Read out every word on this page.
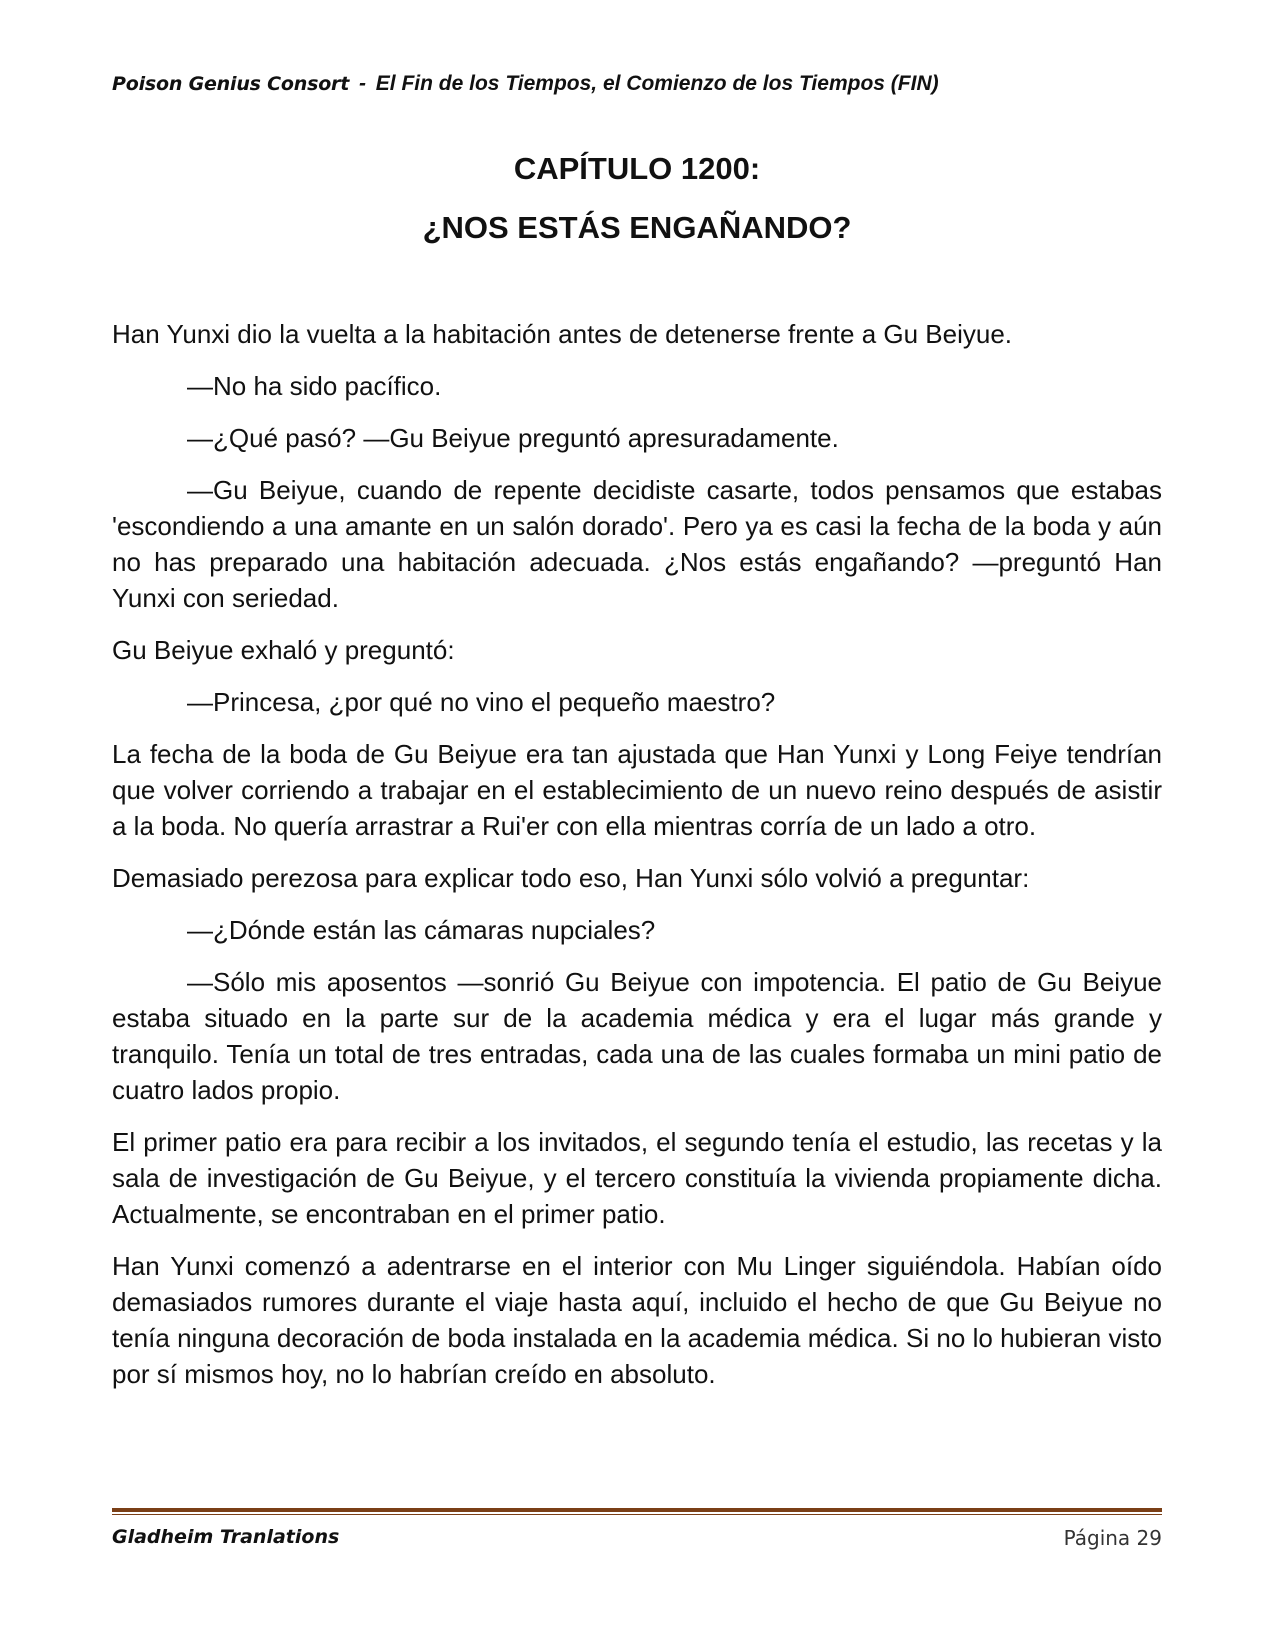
Poison Genius Consort - El Fin de los Tiempos, el Comienzo de los Tiempos (FIN)
CAPÍTULO 1200:
¿NOS ESTÁS ENGAÑANDO?

Han Yunxi dio la vuelta a la habitación antes de detenerse frente a Gu Beiyue.

—No ha sido pacífico.

—¿Qué pasó? —Gu Beiyue preguntó apresuradamente.

—Gu Beiyue, cuando de repente decidiste casarte, todos pensamos que estabas 'escondiendo a una amante en un salón dorado'. Pero ya es casi la fecha de la boda y aún no has preparado una habitación adecuada. ¿Nos estás engañando? —preguntó Han Yunxi con seriedad.

Gu Beiyue exhaló y preguntó:

—Princesa, ¿por qué no vino el pequeño maestro?

La fecha de la boda de Gu Beiyue era tan ajustada que Han Yunxi y Long Feiye tendrían que volver corriendo a trabajar en el establecimiento de un nuevo reino después de asistir a la boda. No quería arrastrar a Rui'er con ella mientras corría de un lado a otro.

Demasiado perezosa para explicar todo eso, Han Yunxi sólo volvió a preguntar:

—¿Dónde están las cámaras nupciales?

—Sólo mis aposentos —sonrió Gu Beiyue con impotencia. El patio de Gu Beiyue estaba situado en la parte sur de la academia médica y era el lugar más grande y tranquilo. Tenía un total de tres entradas, cada una de las cuales formaba un mini patio de cuatro lados propio.

El primer patio era para recibir a los invitados, el segundo tenía el estudio, las recetas y la sala de investigación de Gu Beiyue, y el tercero constituía la vivienda propiamente dicha. Actualmente, se encontraban en el primer patio.

Han Yunxi comenzó a adentrarse en el interior con Mu Linger siguiéndola. Habían oído demasiados rumores durante el viaje hasta aquí, incluido el hecho de que Gu Beiyue no tenía ninguna decoración de boda instalada en la academia médica. Si no lo hubieran visto por sí mismos hoy, no lo habrían creído en absoluto.

Gladheim Tranlations	Página 29
